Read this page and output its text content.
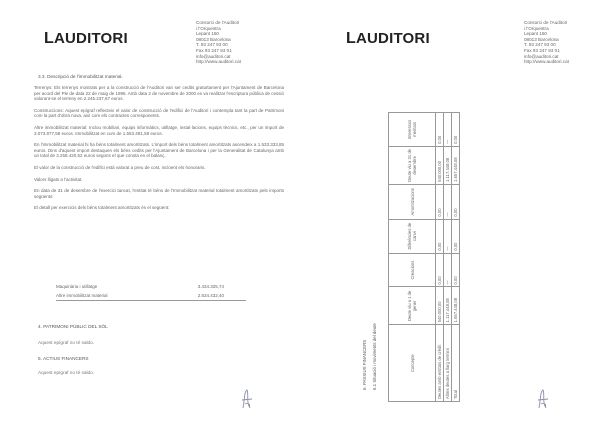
LAUDITORI
Consorci de l'Auditori
i l'Orquestra
Lepant 150
08013 Barcelona
T. 93 247 93 00
Fax 93 247 93 01
info@auditori.cat
http://www.auditori.cat
3.3. Descripció de l'immobilitzat material.

Terrenys: Els terrenys mostrats per a la construcció de l'Auditori van ser cedits gratuïtament per l'Ajuntament de Barcelona per acord del Ple de data 22 de maig de 1996. Amb data 2 de novembre de 2000 es va realitzar l'escriptura pública de cessió valorant-se el terreny en 2.245.237,67 euros.

Construccions: Aquest epígraf reflecteix el valor de construcció de l'edifici de l'Auditori i contempla tant la part de Patrimoni com la part d'obra nova, així com els contractes corresponents.

Altre immobilitzat material: Inclou mobiliari, equips informàtics, utillatge, instal·lacions, equips tècnics, etc., per un import de 3.073.877,58 euros. Immobilitzat en curs de 1.553.481,58 euros.

En l'immobilitzat material hi ha béns totalment amortitzats. L'import dels béns totalment amortitzats ascendeix a 1.533.333,85 euros. Dins d'aquest import destaquen els béns cedits per l'Ajuntament de Barcelona i per la Generalitat de Catalunya amb un total de 3.258.420,52 euros segons el que consta en el balanç.

El valor de la construcció de l'edifici està valorat a preu de cost, incloent els honoraris.

Valors lligats a l'activitat.

En data de 31 de desembre de l'exercici tancat, l'entitat té béns de l'Immobilitzat material totalment amortitzats pels imports següents:

El detall per exercicis dels béns totalment amortitzats és el següent:

Maquinària i utillatge	3.434.325,74
Altre immobilitzat material	2.534.432,40
4. PATRIMONI PÚBLIC DEL SÒL
Aquest epígraf no té saldo.
5. ACTIUS FINANCERS
Aquest epígraf no té saldo.
LAUDITORI
Consorci de l'Auditori
i l'Orquestra
Lepant 150
08013 Barcelona
T. 93 247 93 00
Fax 93 247 93 01
info@auditori.cat
http://www.auditori.cat
6. PASSIUS FINANCERS 6.1 Situació i moviments del deute	Concepte	Deute viu a 1 de gener	Creacions	Diferències de canvi	Amortitzacions	Deute viu a 31 de desembre	Interessos meritats
Deutes amb entitats de crèdit	540.000,00	0,00	0,00	0,00	540.000,00	0,00
Altres deutes a llarg termini	1.117.448,08	—	—	—	1.117.448,08	—
Total	1.657.448,08	0,00	0,00	0,00	1.657.448,08	0,00
